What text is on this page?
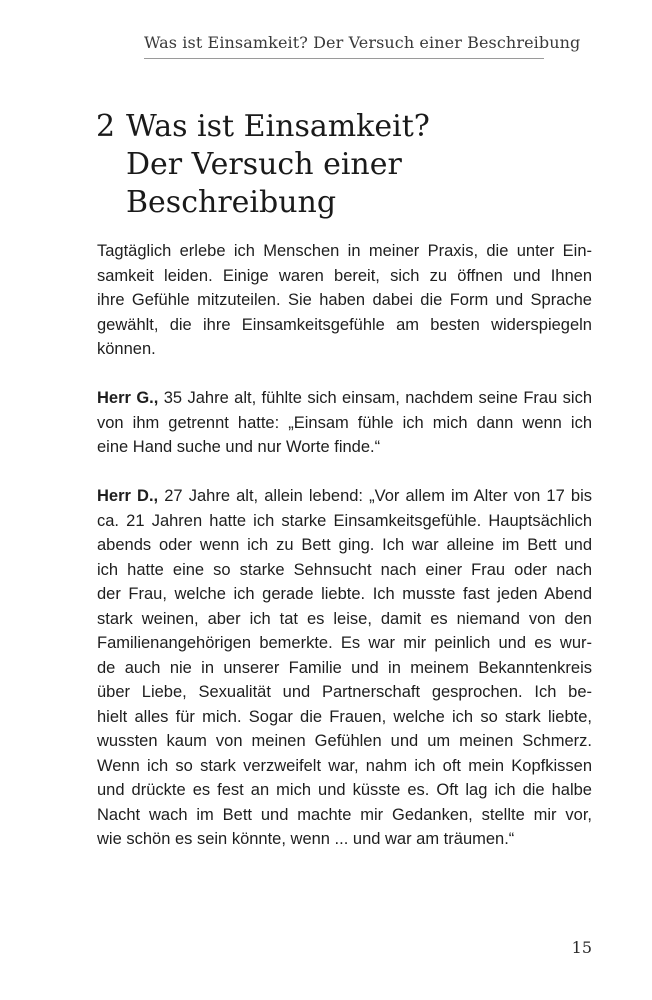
Was ist Einsamkeit? Der Versuch einer Beschreibung
2 Was ist Einsamkeit?
Der Versuch einer
Beschreibung

Tagtäglich erlebe ich Menschen in meiner Praxis, die unter Ein-
samkeit leiden. Einige waren bereit, sich zu öffnen und Ihnen
ihre Gefühle mitzuteilen. Sie haben dabei die Form und Sprache
gewählt, die ihre Einsamkeitsgefühle am besten widerspiegeln
können.

Herr G., 35 Jahre alt, fühlte sich einsam, nachdem seine Frau sich
von ihm getrennt hatte: „Einsam fühle ich mich dann wenn ich
eine Hand suche und nur Worte finde.“

Herr D., 27 Jahre alt, allein lebend: „Vor allem im Alter von 17 bis
ca. 21 Jahren hatte ich starke Einsamkeitsgefühle. Hauptsächlich
abends oder wenn ich zu Bett ging. Ich war alleine im Bett und
ich hatte eine so starke Sehnsucht nach einer Frau oder nach
der Frau, welche ich gerade liebte. Ich musste fast jeden Abend
stark weinen, aber ich tat es leise, damit es niemand von den
Familienangehörigen bemerkte. Es war mir peinlich und es wur-
de auch nie in unserer Familie und in meinem Bekanntenkreis
über Liebe, Sexualität und Partnerschaft gesprochen. Ich be-
hielt alles für mich. Sogar die Frauen, welche ich so stark liebte,
wussten kaum von meinen Gefühlen und um meinen Schmerz.
Wenn ich so stark verzweifelt war, nahm ich oft mein Kopfkissen
und drückte es fest an mich und küsste es. Oft lag ich die halbe
Nacht wach im Bett und machte mir Gedanken, stellte mir vor,
wie schön es sein könnte, wenn ... und war am träumen.“

15
